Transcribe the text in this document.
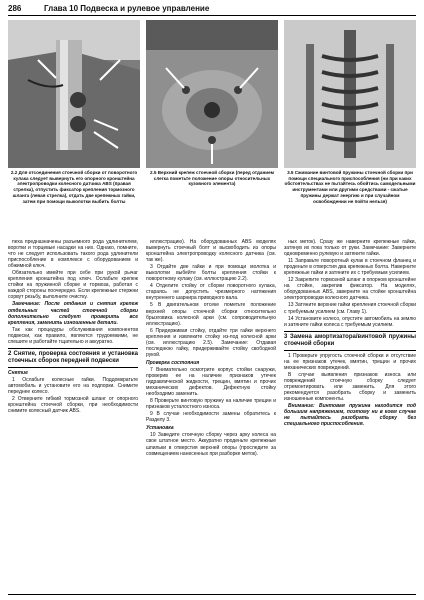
286	Глава 10 Подвеска и рулевое управление
2.2 Для отсоединения стоечной сборки от поворотного кулака следует вывернуть его опорного кронштейна электропроводки колесного датчика ABS (правая стрелка), отпустить фиксатор крепления тормозного шланга (левая стрелка), отдать две крепежных гайки, затем при помощи выколотки выбить болты
2.5 Верхний крепеж стоечной сборки (перед отданием слегка пометьте положение опоры относительных кузовного элемента)
3.5 Сжимание винтовой пружины стоечной сборки при помощи специального приспособления (ни при каких обстоятельствах не пытайтесь обойтись самодельными инструментами или другими средствами - сжатые пружины держат энергию и при случайном освобождении не пойти нельзя)

пеха предназначены разъемного рода удлинителем, воротки и торцевые насадки на них. Однако, помните, что не следует использовать такого рода удлинители приспособление в комплексе с оборудованием и обжимной ключ.

Обязательно имейте при себе при рукой рычаг крепления кронштейна под ключ. Ослабьте крепеж стойки на пружинной сборке и тормоза, работая с каждой стороны поочередно. Если крепежные стержни сорвут резьбу, выполните очистку.

Замечание: После отдания и снятия крепеж отдельных частей стоечной сборки дополнительно следует проверить все крепления, заменить изношенные детали.

Так как процедуры обслуживания компонентов подвески, как правило, являются трудоемкими, не спешите и работайте тщательно и аккуратно.

2 Снятие, проверка состояния и установка стоечных сборок передней подвески

Снятие

1 Ослабьте колесные гайки. Поддомкратьте автомобиль и установите его на подпорки. Снимите переднее колесо.

2 Отверните гибкий тормозной шланг от опорного кронштейна стоечной сборки, при необходимости снимите колесный датчик ABS.

иллюстрацию). На оборудованных ABS моделях вывернуть стоечный болт и высвободить из опоры кронштейна электропроводку колесного датчика (см. так же).

3 Отдайте две гайки и при помощи молотка и выколотки выбейте болты крепления стойки к поворотному кулаку (см. иллюстрацию 2.2).

4 Отделите стойку от сборки поворотного кулака, стараясь не допустить чрезмерного натяжения внутреннего шарнира приводного вала.

5 В двигательном отсеке пометьте положение верхней опоры стоечной сборки относительно брызговика колесной арки (см. сопроводительную иллюстрацию).

6 Придерживая стойку, отдайте три гайки верхнего крепления и извлеките стойку из-под колесной арки (см. иллюстрацию 2.5). Замечание: Отдавая последнюю гайку, придерживайте стойку свободной рукой.

Проверка состояния

7 Внимательно осмотрите корпус стойки снаружи, проверив ее на наличие признаков утечек гидравлической жидкости, трещин, вмятин и прочих механических дефектов. Дефектную стойку необходимо заменить.

8 Проверьте винтовую пружину на наличие трещин и признаков усталостного износа.

9 В случае необходимости замены обратитесь к Разделу 3.

Установка

10 Заведите стоечную сборку через арку колеса на свое штатное место. Аккуратно проденьте крепежные шпильки в отверстия верхней опоры (проследите за совмещением нанесенных при разборке меток).

ных меток). Сразу же наверните крепежные гайки, затянув их пока только от руки. Замечание: Заверните одновременно рулевую и затяните гайки.

11 Заправьте поворотный кулак в стоечном фланец и проденьте в отверстия два крепежных болта. Наверните крепежные гайки и затяните их с требуемым усилием.

12 Закрепите тормозной шланг в опорном кронштейне на стойке, закрепив фиксатор. На моделях, оборудованных ABS, заверните на стойке кронштейна электропроводки колесного датчика.

13 Затяните верхние гайки крепления стоечной сборки с требуемым усилием (см. Главу 1).

14 Установите колесо, опустите автомобиль на землю и затяните гайки колеса с требуемым усилием.

3 Замена амортизатора/винтовой пружины стоечной сборки

1 Проверьте упругость стоечной сборки и отсутствие на ее признаков утечек, вмятин, трещин и прочих механических повреждений.

В случае выявления признаков износа или повреждений стоечную сборку следует отремонтировать или заменить. Для этого рекомендуется разобрать сборку и заменить изношенные компоненты.

Внимание: Винтовая пружина находится под большим напряжением, поэтому ни в коем случае не пытайтесь разобрать сборку без специального приспособления.
